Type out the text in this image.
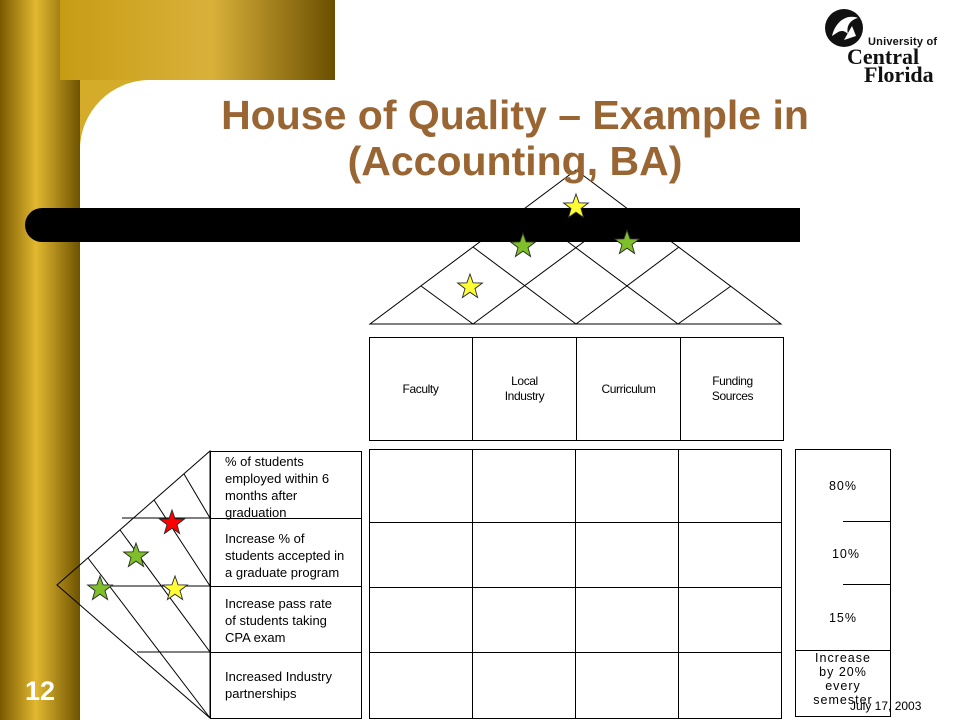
University of
Central
Florida
House of Quality – Example in (Accounting, BA)
Faculty
Local
Industry
Curriculum
Funding
Sources
% of students
employed within 6
months after
graduation
Increase % of
students accepted in
a graduate program
Increase pass rate
of students taking
CPA exam
Increased Industry
partnerships
80%
10%
15%
Increase
by 20%
every
semester
July 17, 2003
12
